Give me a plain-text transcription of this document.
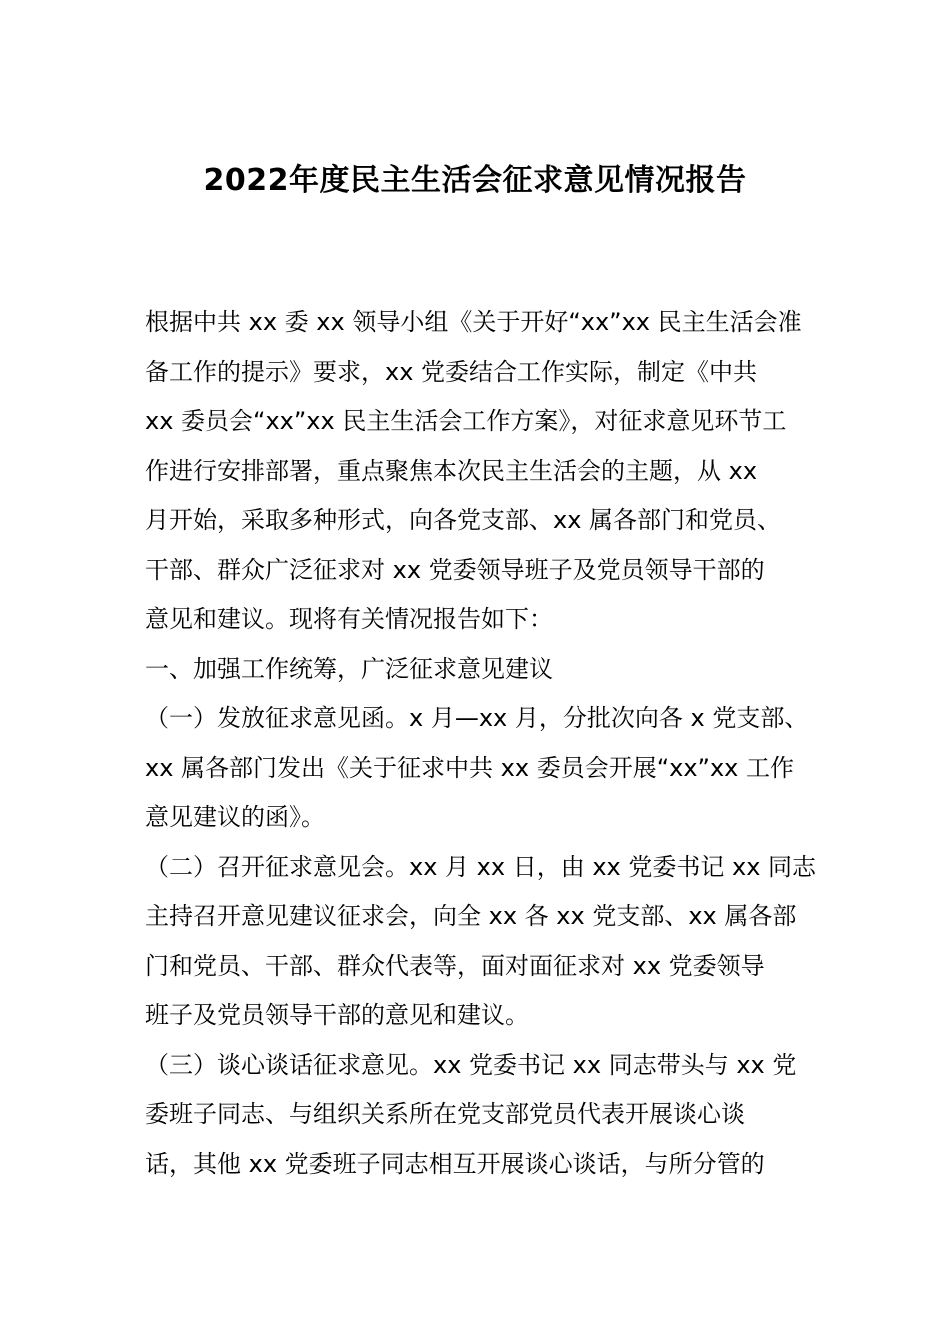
2022年度民主生活会征求意见情况报告
根据中共 xx 委 xx 领导小组《关于开好“xx”xx 民主生活会准
备工作的提示》要求，xx 党委结合工作实际，制定《中共
xx 委员会“xx”xx 民主生活会工作方案》，对征求意见环节工
作进行安排部署，重点聚焦本次民主生活会的主题，从 xx
月开始，采取多种形式，向各党支部、xx 属各部门和党员、
干部、群众广泛征求对 xx 党委领导班子及党员领导干部的
意见和建议。现将有关情况报告如下：
一、加强工作统筹，广泛征求意见建议
（一）发放征求意见函。x 月—xx 月，分批次向各 x 党支部、
xx 属各部门发出《关于征求中共 xx 委员会开展“xx”xx 工作
意见建议的函》。
（二）召开征求意见会。xx 月 xx 日，由 xx 党委书记 xx 同志
主持召开意见建议征求会，向全 xx 各 xx 党支部、xx 属各部
门和党员、干部、群众代表等，面对面征求对 xx 党委领导
班子及党员领导干部的意见和建议。
（三）谈心谈话征求意见。xx 党委书记 xx 同志带头与 xx 党
委班子同志、与组织关系所在党支部党员代表开展谈心谈
话，其他 xx 党委班子同志相互开展谈心谈话，与所分管的
